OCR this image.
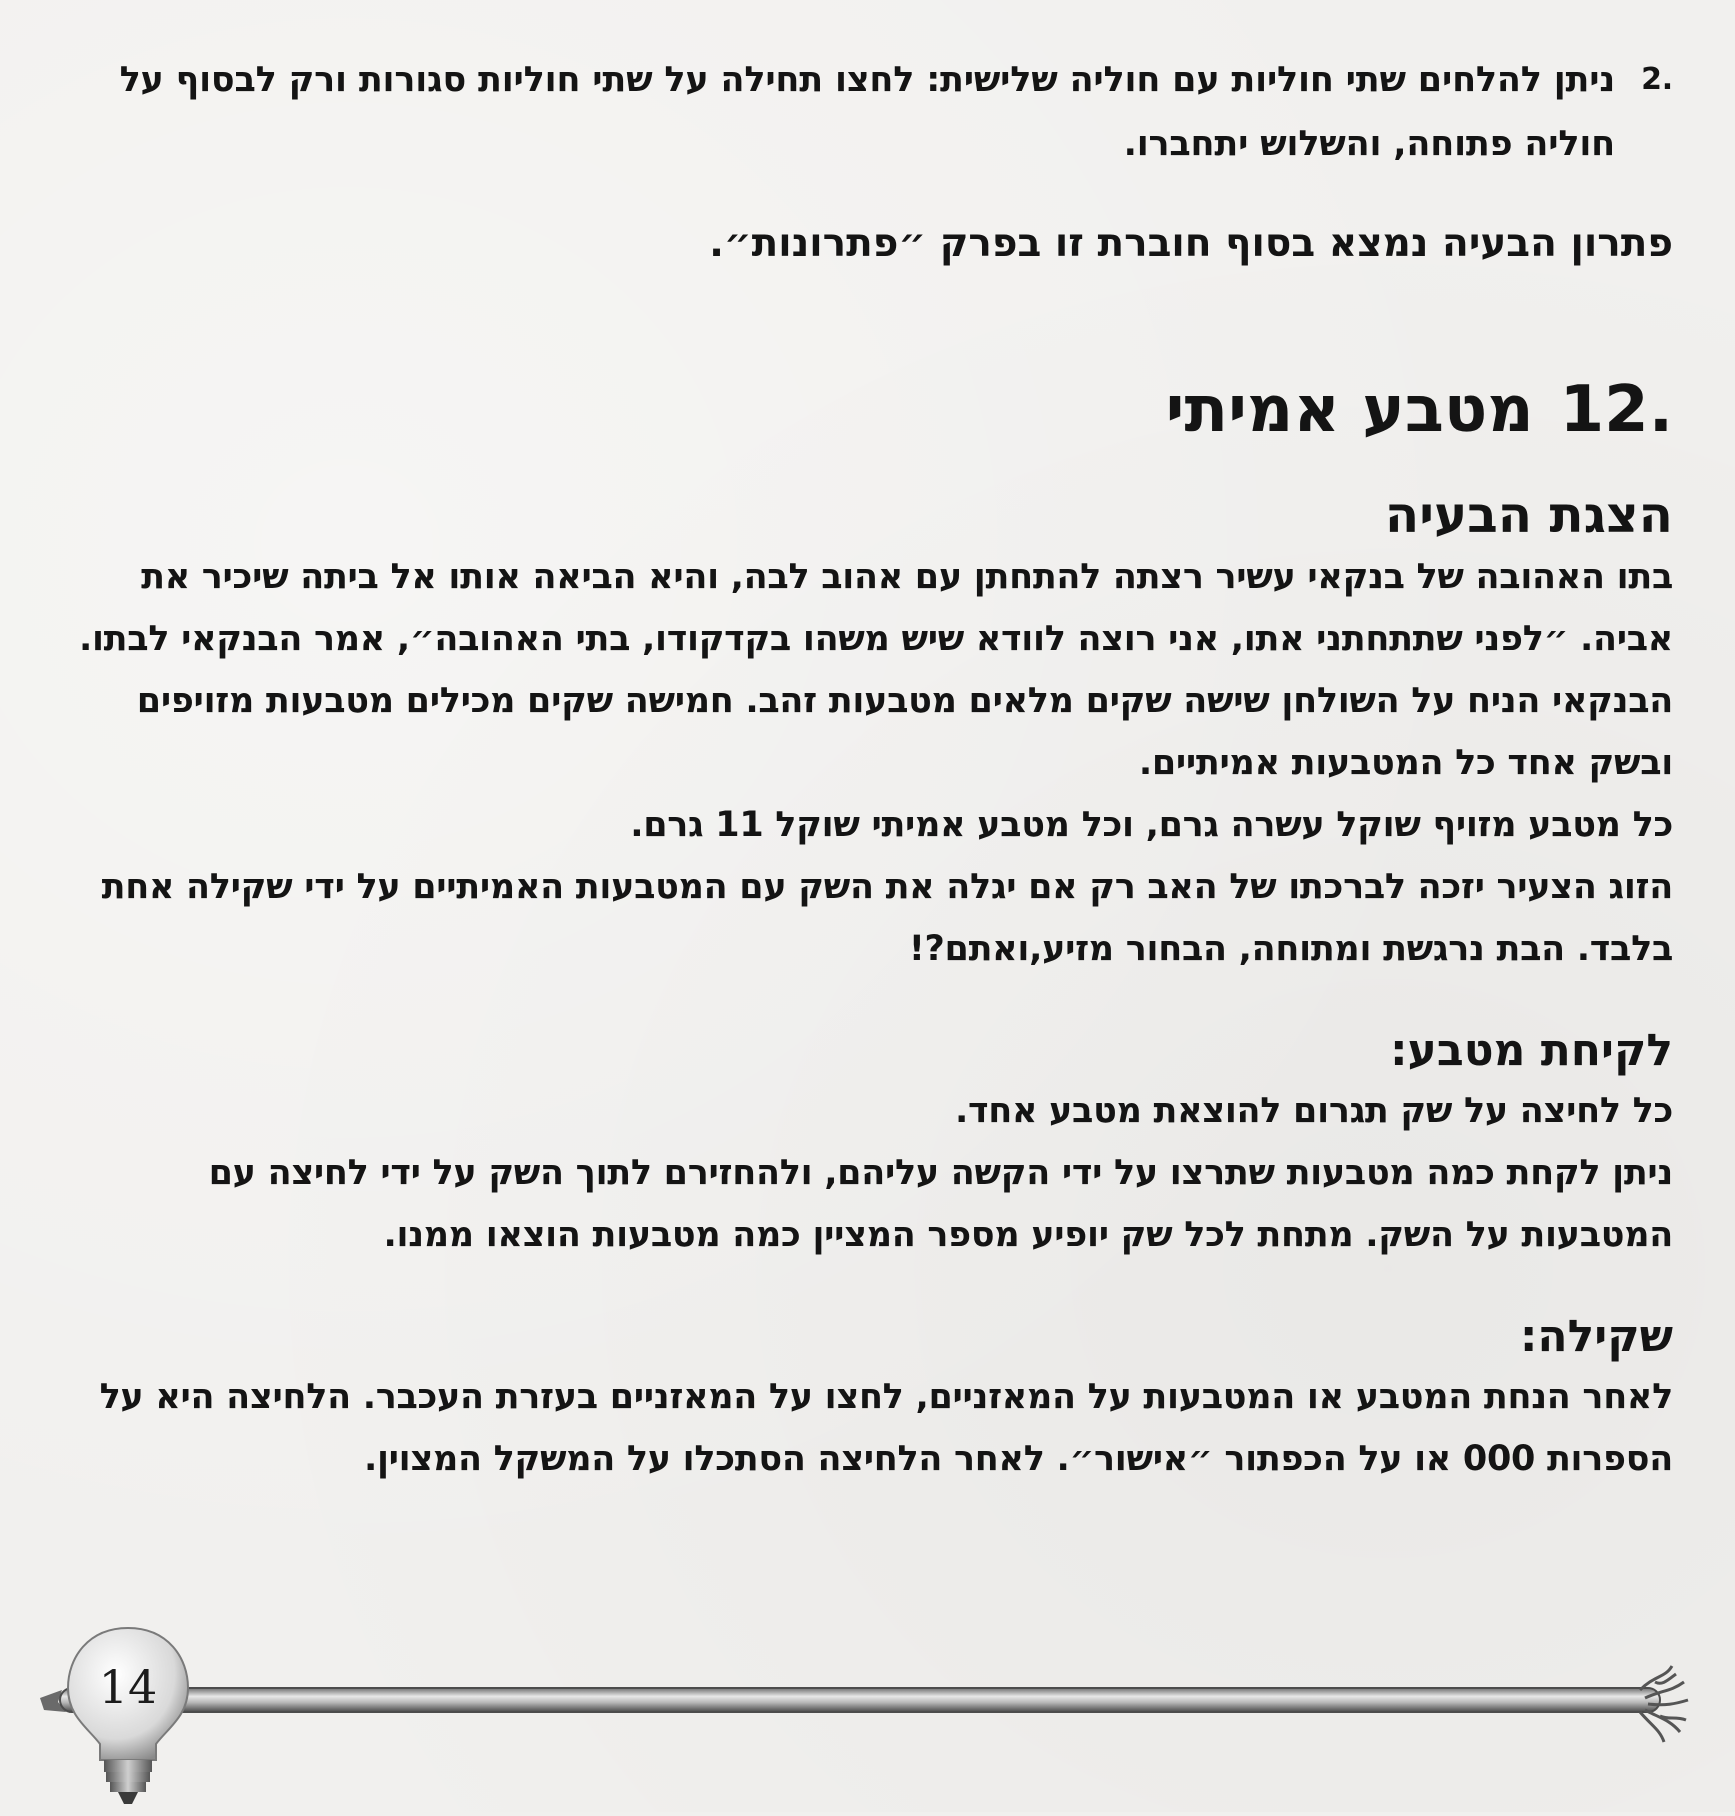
.2
ניתן להלחים שתי חוליות עם חוליה שלישית: לחצו תחילה על שתי חוליות סגורות ורק לבסוף על חוליה פתוחה, והשלוש יתחברו.
פתרון הבעיה נמצא בסוף חוברת זו בפרק ״פתרונות״.
.12מטבע אמיתי
הצגת הבעיה

בתו האהובה של בנקאי עשיר רצתה להתחתן עם אהוב לבה, והיא הביאה אותו אל ביתה שיכיר את אביה. ״לפני שתתחתני אתו, אני רוצה לוודא שיש משהו בקדקודו, בתי האהובה״, אמר הבנקאי לבתו. הבנקאי הניח על השולחן שישה שקים מלאים מטבעות זהב. חמישה שקים מכילים מטבעות מזויפים ובשק אחד כל המטבעות אמיתיים.

כל מטבע מזויף שוקל עשרה גרם, וכל מטבע אמיתי שוקל 11 גרם.

הזוג הצעיר יזכה לברכתו של האב רק אם יגלה את השק עם המטבעות האמיתיים על ידי שקילה אחת בלבד. הבת נרגשת ומתוחה, הבחור מזיע,ואתם?!

לקיחת מטבע:

כל לחיצה על שק תגרום להוצאת מטבע אחד.

ניתן לקחת כמה מטבעות שתרצו על ידי הקשה עליהם, ולהחזירם לתוך השק על ידי לחיצה עם המטבעות על השק. מתחת לכל שק יופיע מספר המציין כמה מטבעות הוצאו ממנו.

שקילה:

לאחר הנחת המטבע או המטבעות על המאזניים, לחצו על המאזניים בעזרת העכבר. הלחיצה היא על הספרות 000 או על הכפתור ״אישור״. לאחר הלחיצה הסתכלו על המשקל המצוין.

14
